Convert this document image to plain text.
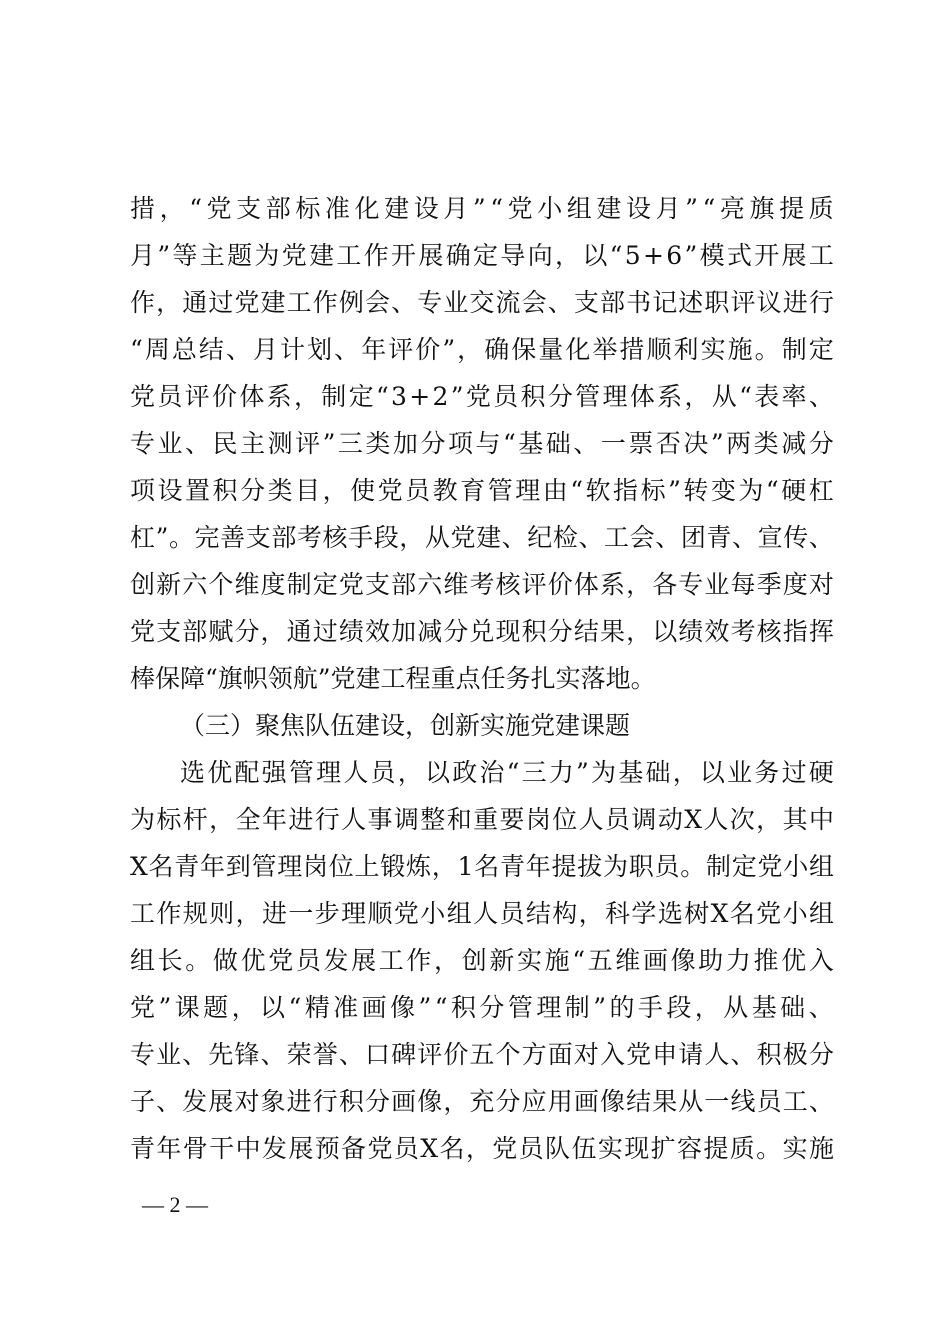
措 ， “ 党 支 部 标 准 化 建 设 月 ” “ 党 小 组 建 设 月 ” “ 亮 旗 提 质
月 ” 等 主 题 为 党 建 工 作 开 展 确 定 导 向 ， 以 “ 5 + 6 ” 模 式 开 展 工
作 ， 通 过 党 建 工 作 例 会 、 专 业 交 流 会 、 支 部 书 记 述 职 评 议 进 行
“ 周 总 结 、 月 计 划 、 年 评 价 ” ， 确 保 量 化 举 措 顺 利 实 施 。 制 定
党 员 评 价 体 系 ， 制 定 “ 3 + 2 ” 党 员 积 分 管 理 体 系 ， 从 “ 表 率 、
专 业 、 民 主 测 评 ” 三 类 加 分 项 与 “ 基 础 、 一 票 否 决 ” 两 类 减 分
项 设 置 积 分 类 目 ， 使 党 员 教 育 管 理 由 “ 软 指 标 ” 转 变 为 “ 硬 杠
杠 ” 。 完 善 支 部 考 核 手 段 ， 从 党 建 、 纪 检 、 工 会 、 团 青 、 宣 传 、
创 新 六 个 维 度 制 定 党 支 部 六 维 考 核 评 价 体 系 ， 各 专 业 每 季 度 对
党 支 部 赋 分 ， 通 过 绩 效 加 减 分 兑 现 积 分 结 果 ， 以 绩 效 考 核 指 挥
棒保障“旗帜领航”党建工程重点任务扎实落地。
（三）聚焦队伍建设，创新实施党建课题
选 优 配 强 管 理 人 员 ， 以 政 治 “ 三 力 ” 为 基 础 ， 以 业 务 过 硬
为 标 杆 ， 全 年 进 行 人 事 调 整 和 重 要 岗 位 人 员 调 动 X 人 次 ， 其 中
X 名 青 年 到 管 理 岗 位 上 锻 炼 ， 1 名 青 年 提 拔 为 职 员 。 制 定 党 小 组
工 作 规 则 ， 进 一 步 理 顺 党 小 组 人 员 结 构 ， 科 学 选 树 X 名 党 小 组
组 长 。 做 优 党 员 发 展 工 作 ， 创 新 实 施 “ 五 维 画 像 助 力 推 优 入
党 ” 课 题 ， 以 “ 精 准 画 像 ” “ 积 分 管 理 制 ” 的 手 段 ， 从 基 础 、
专 业 、 先 锋 、 荣 誉 、 口 碑 评 价 五 个 方 面 对 入 党 申 请 人 、 积 极 分
子 、 发 展 对 象 进 行 积 分 画 像 ， 充 分 应 用 画 像 结 果 从 一 线 员 工 、
青 年 骨 干 中 发 展 预 备 党 员 X 名 ， 党 员 队 伍 实 现 扩 容 提 质 。 实 施
— 2 —
